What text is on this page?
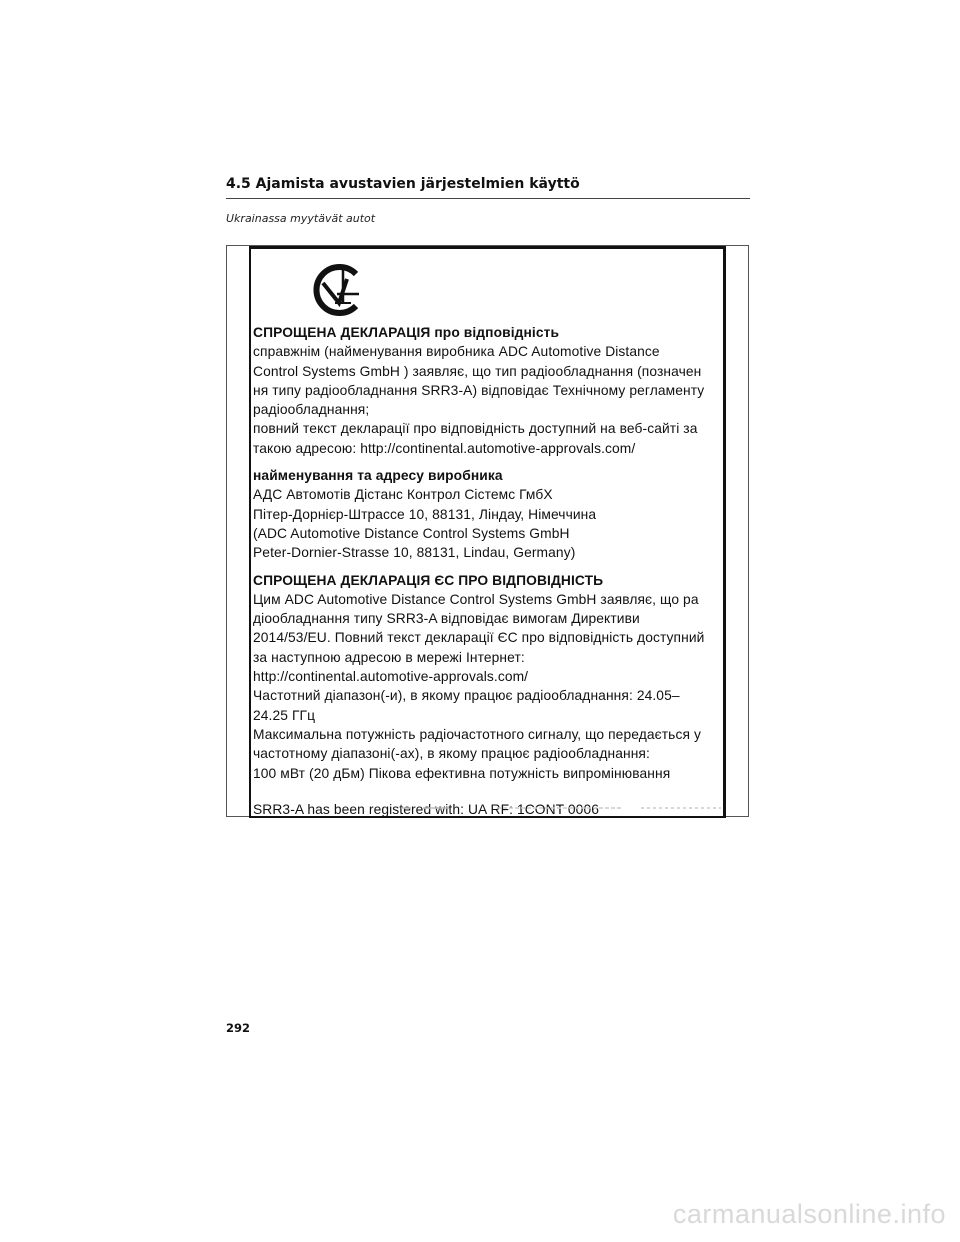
4.5 Ajamista avustavien järjestelmien käyttö
Ukrainassa myytävät autot
СПРОЩЕНА ДЕКЛАРАЦІЯ про відповідність
справжнім (найменування виробника ADC Automotive Distance
Control Systems GmbH ) заявляє, що тип радіообладнання (позначен
ня типу радіообладнання SRR3-A) відповідає Технічному регламенту
радіообладнання;
повний текст декларації про відповідність доступний на веб-сайті за
такою адресою: http://continental.automotive-approvals.com/
найменування та адресу виробника
АДС Автомотів Дістанс Контрол Сістемс ГмбХ
Пітер-Дорнієр-Штрассе 10, 88131, Ліндау, Німеччина
(ADC Automotive Distance Control Systems GmbH
Peter-Dornier-Strasse 10, 88131, Lindau, Germany)
СПРОЩЕНА ДЕКЛАРАЦІЯ ЄС ПРО ВІДПОВІДНІСТЬ
Цим ADC Automotive Distance Control Systems GmbH заявляє, що ра
діообладнання типу SRR3-A відповідає вимогам Директиви
2014/53/EU. Повний текст декларації ЄС про відповідність доступний
за наступною адресою в мережі Інтернет:
http://continental.automotive-approvals.com/
Частотний діапазон(-и), в якому працює радіообладнання: 24.05–
24.25 ГГц
Максимальна потужність радіочастотного сигналу, що передається у
частотному діапазоні(-ах), в якому працює радіообладнання:
100 мВт (20 дБм) Пікова ефективна потужність випромінювання
SRR3-A has been registered with: UA RF: 1CONT 0006
292
carmanualsonline.info
